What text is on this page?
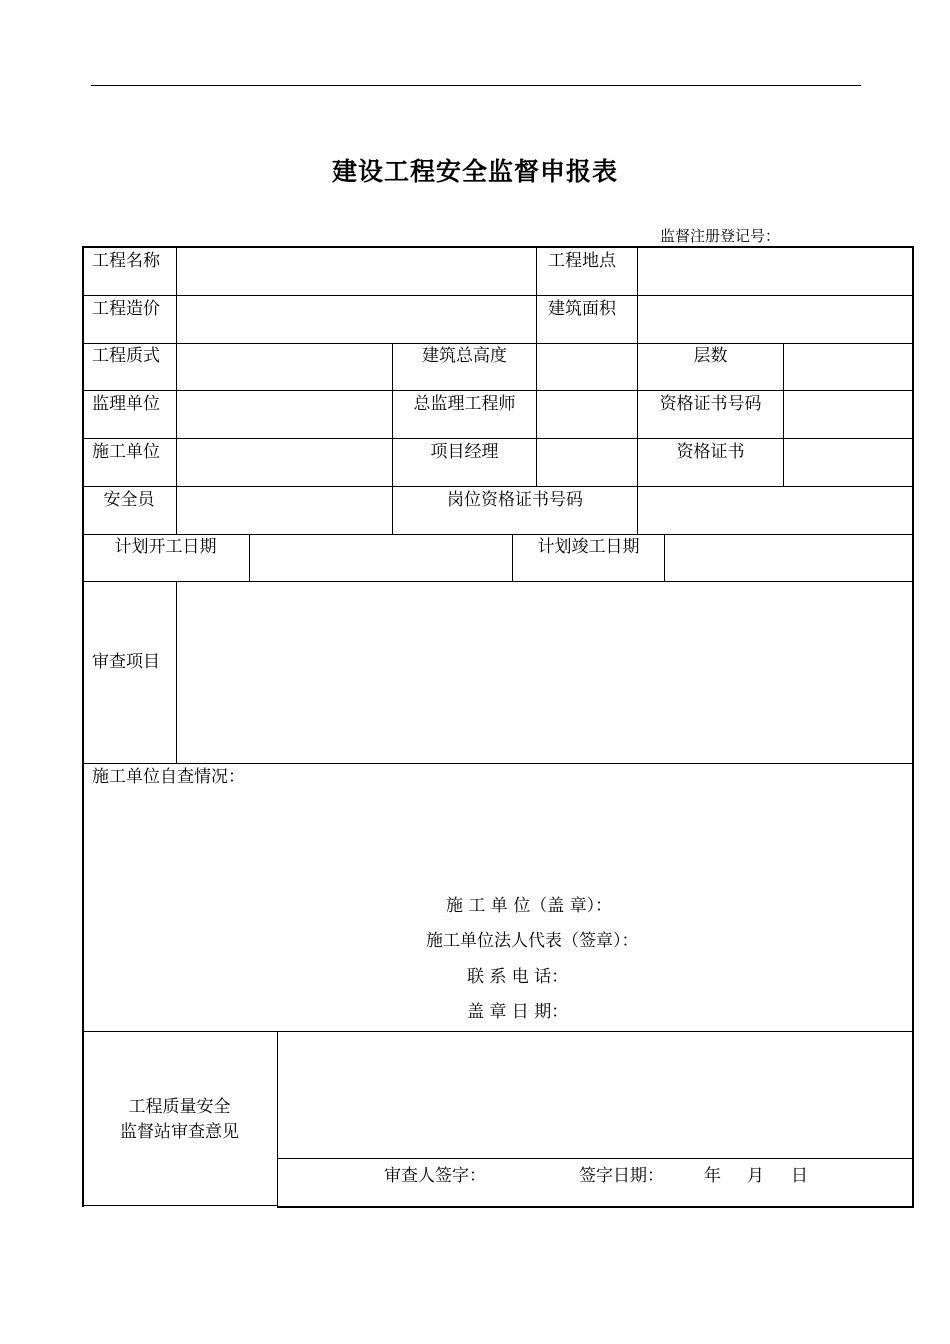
建设工程安全监督申报表
监督注册登记号：
工程名称	工程地点
工程造价	建筑面积
工程质式	建筑总高度	层数
监理单位	总监理工程师	资格证书号码
施工单位	项目经理	资格证书
安全员	岗位资格证书号码
计划开工日期	计划竣工日期
审查项目
施工单位自查情况：
施 工 单 位（盖 章）：
施工单位法人代表（签章）：
联 系 电 话：
盖 章 日 期：
工程质量安全
监督站审查意见
审查人签字：	签字日期： 年 月 日
